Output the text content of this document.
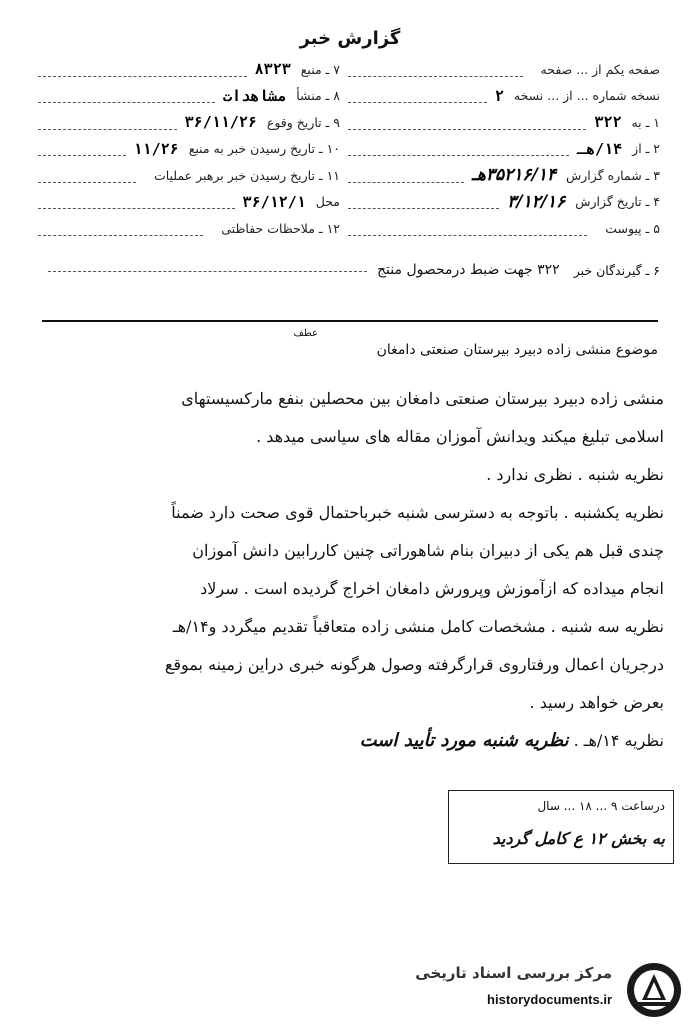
گزارش خبر
صفحه یکم از ... صفحه
نسخه شماره ... از ... نسخه
۲
۱ ـ به
۳۲۲
۲ ـ از
۱۴/هـ
۳ ـ شماره گزارش
۳۵۲۱۶/۱۴هـ
۴ ـ تاریخ گزارش
۳/۱۲/۱۶
۵ ـ پیوست
۷ ـ منبع
۸۳۲۳
۸ ـ منشأ
مشاهدات
۹ ـ تاریخ وقوع
۳۶/۱۱/۲۶
۱۰ ـ تاریخ رسیدن خبر به منبع
۱۱/۲۶
۱۱ ـ تاریخ رسیدن خبر برهبر عملیات
محل
۳۶/۱۲/۱
۱۲ ـ ملاحظات حفاظتی
۶ ـ گیرندگان خبر
۳۲۲ جهت ضبط درمحصول منتج
عطف
موضوع منشی زاده دبیرد بیرستان صنعتی دامغان

منشی زاده دبیرد بیرستان صنعتی دامغان بین محصلین بنفع مارکسیستهای

اسلامی تبلیغ میکند ویدانش آموزان مقاله های سیاسی میدهد .

نظریه شنبه . نظری ندارد .

نظریه یکشنبه . باتوجه به دسترسی شنبه خبرباحتمال قوی صحت دارد ضمناً

چندی قبل هم یکی از دبیران بنام شاهوراتی چنین کاررابین دانش آموزان

انجام میداده که ازآموزش وپرورش دامغان اخراج گردیده است . سرلاد

نظریه سه شنبه . مشخصات کامل منشی زاده متعاقباً تقدیم میگردد و۱۴/هـ

درجریان اعمال ورفتاروی قرارگرفته وصول هرگونه خبری دراین زمینه بموقع

بعرض خواهد رسید .

نظریه ۱۴/هـ . نظریه شنبه مورد تأیید است

درساعت ۹ ... ۱۸ ... سال
به بخش ۱۲ ع کامل گردید
مرکز بررسی اسناد تاریخی
historydocuments.ir
